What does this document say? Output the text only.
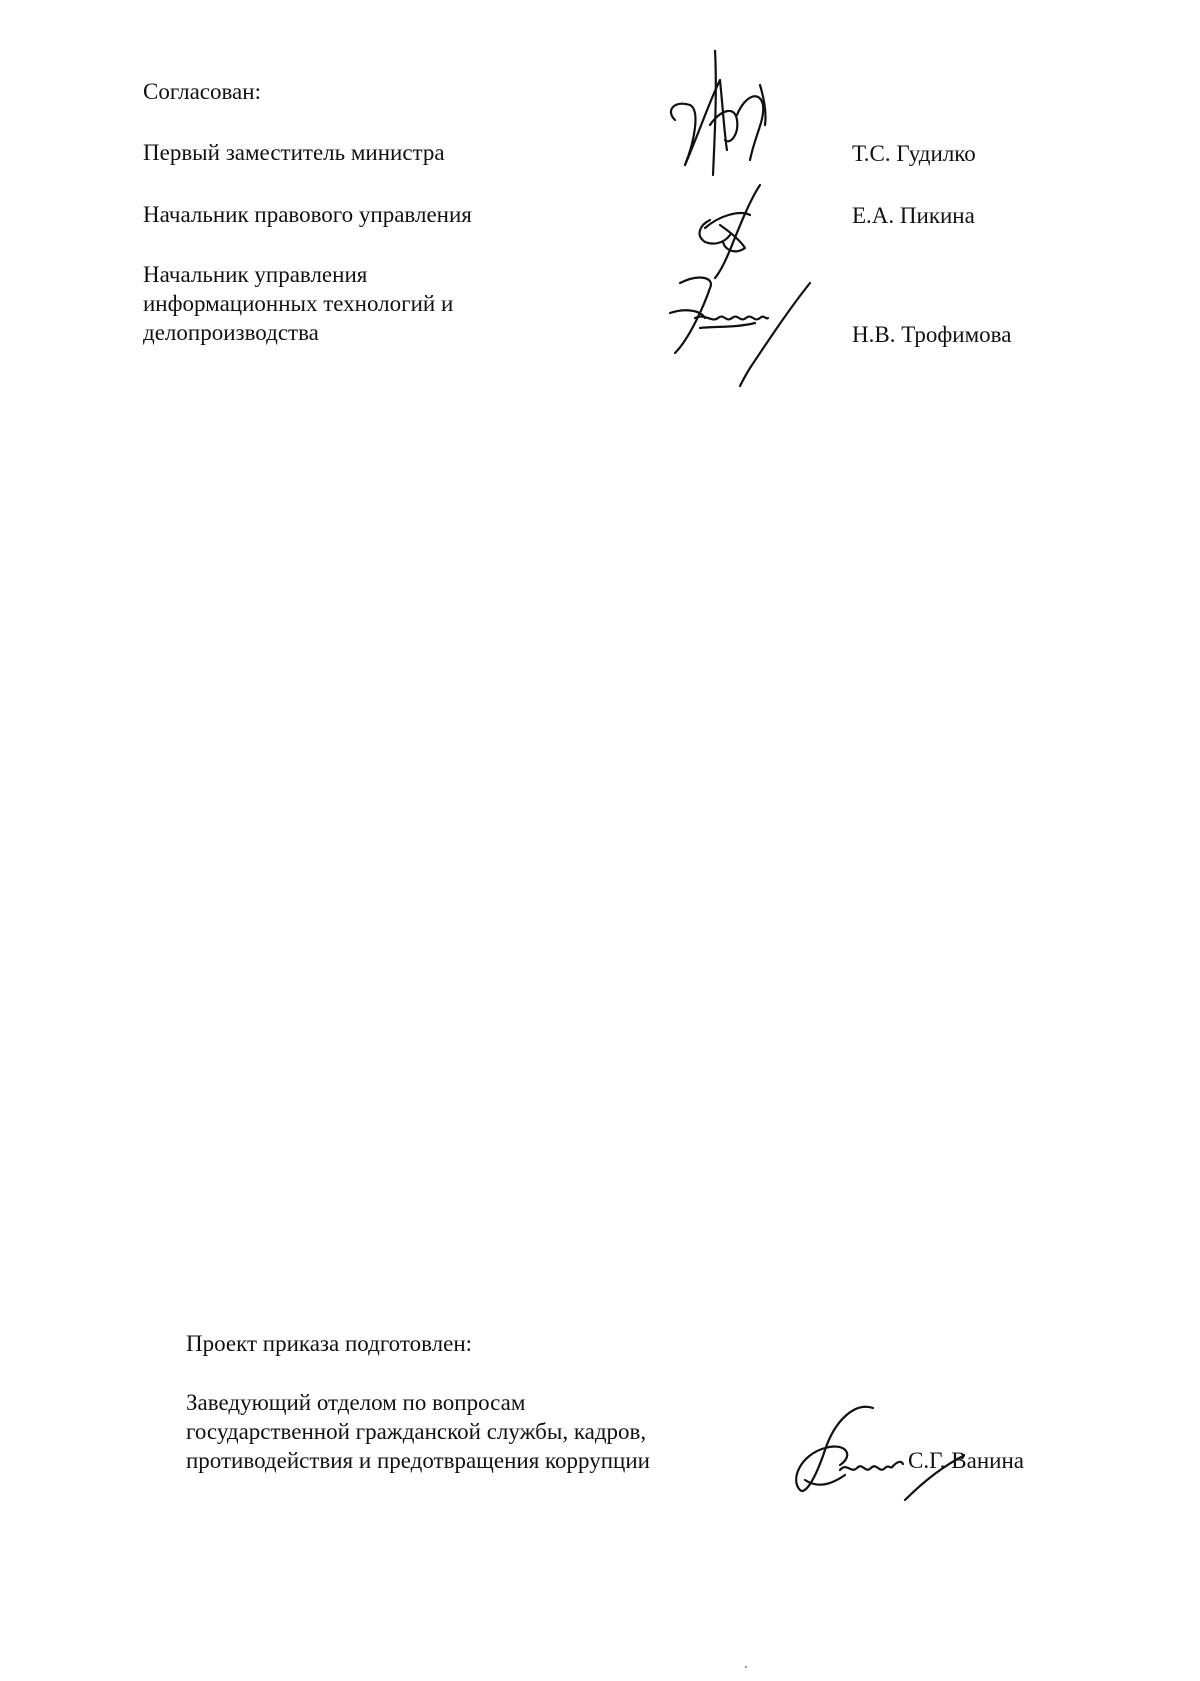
Согласован:
Первый заместитель министра	Т.С. Гудилко
Начальник правового управления	Е.А. Пикина
Начальник управления
информационных технологий и
делопроизводства	Н.В. Трофимова
Проект приказа подготовлен:
Заведующий отделом по вопросам
государственной гражданской службы, кадров,
противодействия и предотвращения коррупции	С.Г. Ванина
